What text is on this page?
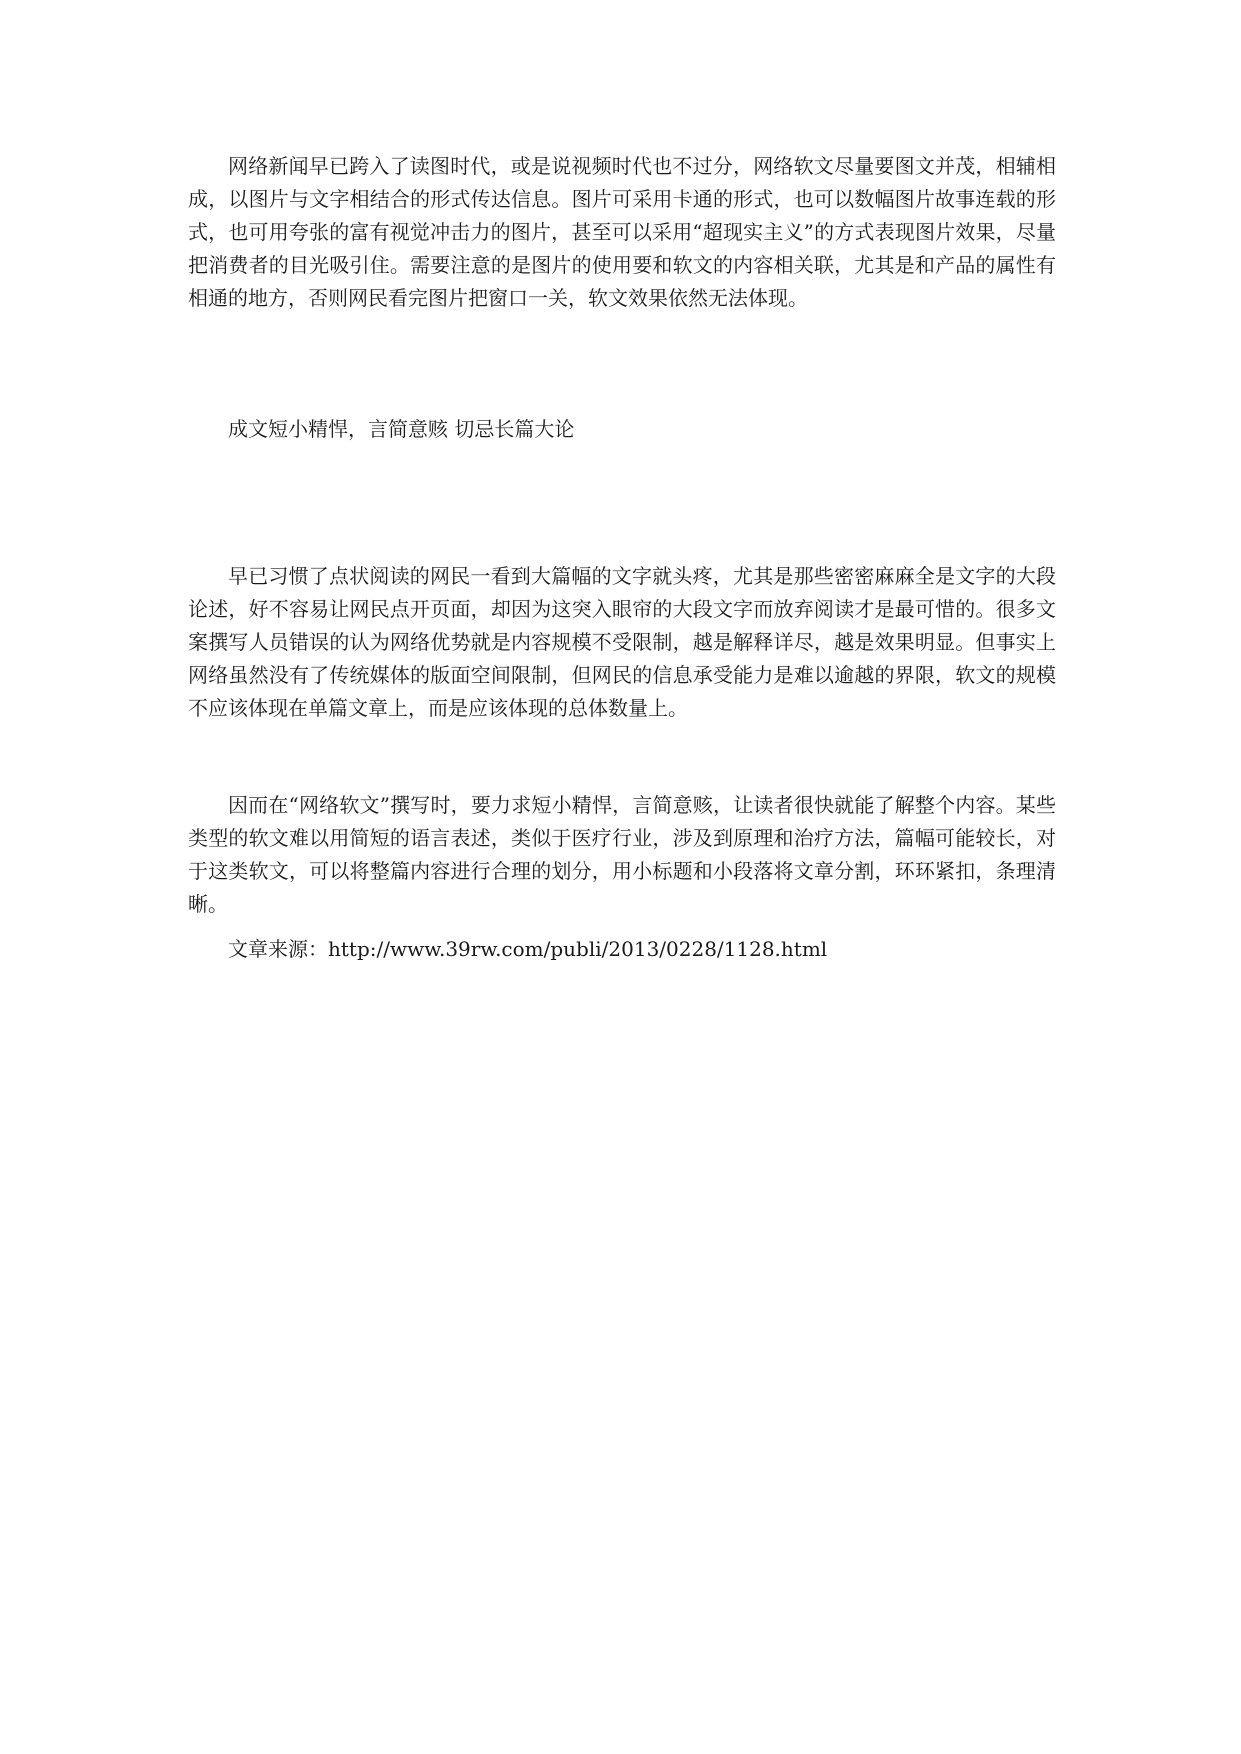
网络新闻早已跨入了读图时代，或是说视频时代也不过分，网络软文尽量要图文并茂，相辅相成，以图片与文字相结合的形式传达信息。图片可采用卡通的形式，也可以数幅图片故事连载的形式，也可用夸张的富有视觉冲击力的图片，甚至可以采用“超现实主义”的方式表现图片效果，尽量把消费者的目光吸引住。需要注意的是图片的使用要和软文的内容相关联，尤其是和产品的属性有相通的地方，否则网民看完图片把窗口一关，软文效果依然无法体现。

成文短小精悍，言简意赅 切忌长篇大论

早已习惯了点状阅读的网民一看到大篇幅的文字就头疼，尤其是那些密密麻麻全是文字的大段论述，好不容易让网民点开页面，却因为这突入眼帘的大段文字而放弃阅读才是最可惜的。很多文案撰写人员错误的认为网络优势就是内容规模不受限制，越是解释详尽，越是效果明显。但事实上网络虽然没有了传统媒体的版面空间限制，但网民的信息承受能力是难以逾越的界限，软文的规模不应该体现在单篇文章上，而是应该体现的总体数量上。

因而在“网络软文”撰写时，要力求短小精悍，言简意赅，让读者很快就能了解整个内容。某些类型的软文难以用简短的语言表述，类似于医疗行业，涉及到原理和治疗方法，篇幅可能较长，对于这类软文，可以将整篇内容进行合理的划分，用小标题和小段落将文章分割，环环紧扣，条理清晰。

文章来源：http://www.39rw.com/publi/2013/0228/1128.html
